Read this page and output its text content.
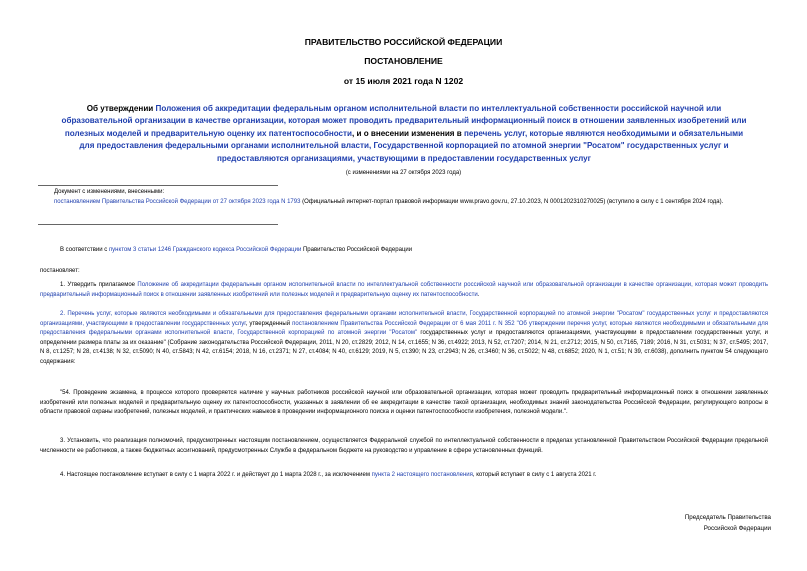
ПРАВИТЕЛЬСТВО РОССИЙСКОЙ ФЕДЕРАЦИИ
ПОСТАНОВЛЕНИЕ
от 15 июля 2021 года N 1202
Об утверждении Положения об аккредитации федеральным органом исполнительной власти по интеллектуальной собственности российской научной или образовательной организации в качестве организации, которая может проводить предварительный информационный поиск в отношении заявленных изобретений или полезных моделей и предварительную оценку их патентоспособности, и о внесении изменения в перечень услуг, которые являются необходимыми и обязательными для предоставления федеральными органами исполнительной власти, Государственной корпорацией по атомной энергии "Росатом" государственных услуг и предоставляются организациями, участвующими в предоставлении государственных услуг
(с изменениями на 27 октября 2023 года)
Документ с изменениями, внесенными:
постановлением Правительства Российской Федерации от 27 октября 2023 года N 1793 (Официальный интернет-портал правовой информации www.pravo.gov.ru, 27.10.2023, N 0001202310270025) (вступило в силу с 1 сентября 2024 года).
В соответствии с пунктом 3 статьи 1246 Гражданского кодекса Российской Федерации Правительство Российской Федерации
постановляет:
1. Утвердить прилагаемое Положение об аккредитации федеральным органом исполнительной власти по интеллектуальной собственности российской научной или образовательной организации в качестве организации, которая может проводить предварительный информационный поиск в отношении заявленных изобретений или полезных моделей и предварительную оценку их патентоспособности.
2. Перечень услуг, которые являются необходимыми и обязательными для предоставления федеральными органами исполнительной власти, Государственной корпорацией по атомной энергии "Росатом" государственных услуг и предоставляются организациями, участвующими в предоставлении государственных услуг, утвержденный постановлением Правительства Российской Федерации от 6 мая 2011 г. N 352 "Об утверждении перечня услуг, которые являются необходимыми и обязательными для предоставления федеральными органами исполнительной власти, Государственной корпорацией по атомной энергии "Росатом" государственных услуг и предоставляются организациями, участвующими в предоставлении государственных услуг, и определении размера платы за их оказание" (Собрание законодательства Российской Федерации, 2011, N 20, ст.2829; 2012, N 14, ст.1655; N 36, ст.4922; 2013, N 52, ст.7207; 2014, N 21, ст.2712; 2015, N 50, ст.7165, 7189; 2016, N 31, ст.5031; N 37, ст.5495; 2017, N 8, ст.1257; N 28, ст.4138; N 32, ст.5090; N 40, ст.5843; N 42, ст.6154; 2018, N 16, ст.2371; N 27, ст.4084; N 40, ст.6129; 2019, N 5, ст.390; N 23, ст.2943; N 26, ст.3460; N 36, ст.5022; N 48, ст.6852; 2020, N 1, ст.51; N 39, ст.6038), дополнить пунктом 54 следующего содержания:
"54. Проведение экзамена, в процессе которого проверяется наличие у научных работников российской научной или образовательной организации, которая может проводить предварительный информационный поиск в отношении заявленных изобретений или полезных моделей и предварительную оценку их патентоспособности, указанных в заявлении об ее аккредитации в качестве такой организации, необходимых знаний законодательства Российской Федерации, регулирующего вопросы в области правовой охраны изобретений, полезных моделей, и практических навыков в проведении информационного поиска и оценки патентоспособности изобретения, полезной модели.".
3. Установить, что реализация полномочий, предусмотренных настоящим постановлением, осуществляется Федеральной службой по интеллектуальной собственности в пределах установленной Правительством Российской Федерации предельной численности ее работников, а также бюджетных ассигнований, предусмотренных Службе в федеральном бюджете на руководство и управление в сфере установленных функций.
4. Настоящее постановление вступает в силу с 1 марта 2022 г. и действует до 1 марта 2028 г., за исключением пункта 2 настоящего постановления, который вступает в силу с 1 августа 2021 г.
Председатель Правительства
Российской Федерации
